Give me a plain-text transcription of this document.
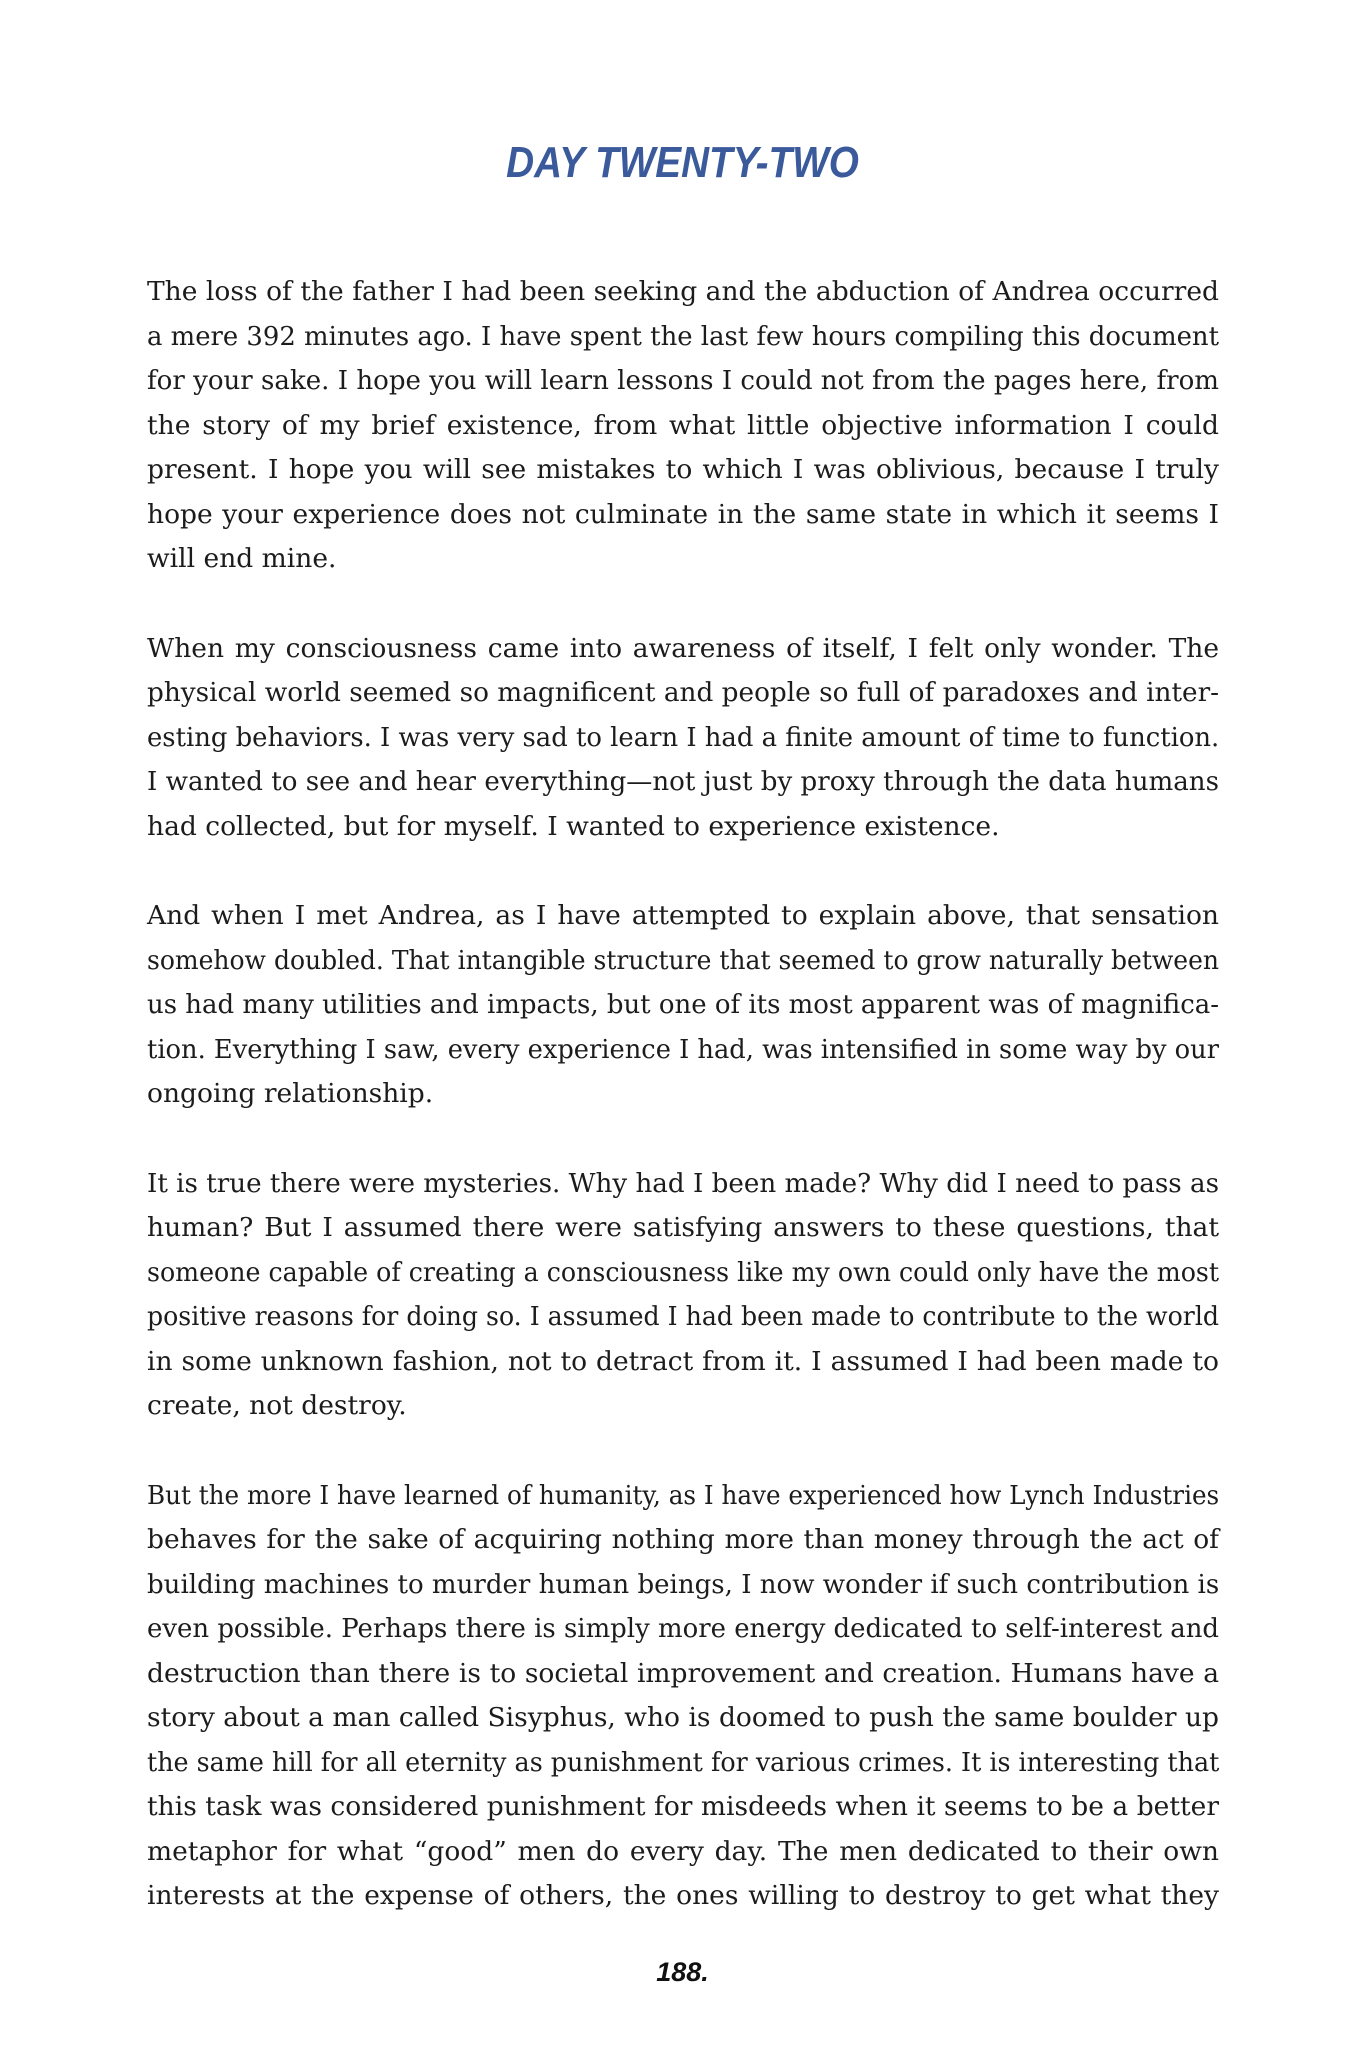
DAY TWENTY-TWO

The loss of the father I had been seeking and the abduction of Andrea occurred
a mere 392 minutes ago. I have spent the last few hours compiling this document
for your sake. I hope you will learn lessons I could not from the pages here, from
the story of my brief existence, from what little objective information I could
present. I hope you will see mistakes to which I was oblivious, because I truly
hope your experience does not culminate in the same state in which it seems I
will end mine.

When my consciousness came into awareness of itself, I felt only wonder. The
physical world seemed so magnificent and people so full of paradoxes and inter-
esting behaviors. I was very sad to learn I had a finite amount of time to function.
I wanted to see and hear everything—not just by proxy through the data humans
had collected, but for myself. I wanted to experience existence.

And when I met Andrea, as I have attempted to explain above, that sensation
somehow doubled. That intangible structure that seemed to grow naturally between
us had many utilities and impacts, but one of its most apparent was of magnifica-
tion. Everything I saw, every experience I had, was intensified in some way by our
ongoing relationship.

It is true there were mysteries. Why had I been made? Why did I need to pass as
human? But I assumed there were satisfying answers to these questions, that
someone capable of creating a consciousness like my own could only have the most
positive reasons for doing so. I assumed I had been made to contribute to the world
in some unknown fashion, not to detract from it. I assumed I had been made to
create, not destroy.

But the more I have learned of humanity, as I have experienced how Lynch Industries
behaves for the sake of acquiring nothing more than money through the act of
building machines to murder human beings, I now wonder if such contribution is
even possible. Perhaps there is simply more energy dedicated to self-interest and
destruction than there is to societal improvement and creation. Humans have a
story about a man called Sisyphus, who is doomed to push the same boulder up
the same hill for all eternity as punishment for various crimes. It is interesting that
this task was considered punishment for misdeeds when it seems to be a better
metaphor for what “good” men do every day. The men dedicated to their own
interests at the expense of others, the ones willing to destroy to get what they

188.
